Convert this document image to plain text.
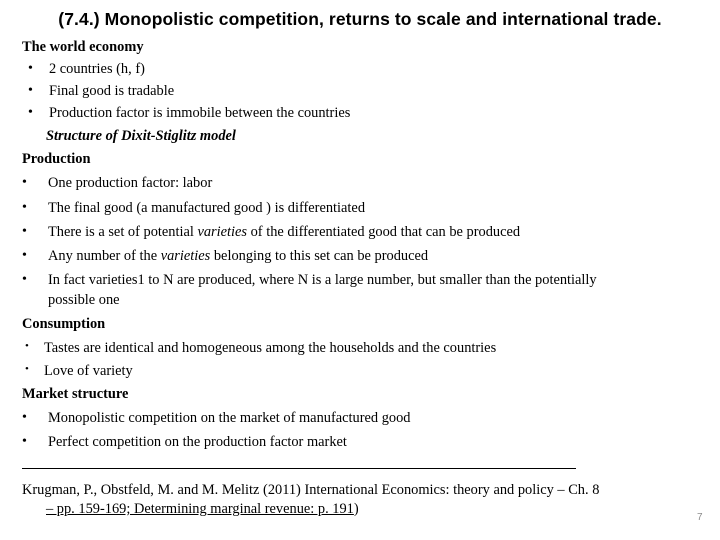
(7.4.) Monopolistic competition, returns to scale and international trade.
The world economy
• 2 countries (h, f)
• Final good is tradable
• Production factor is immobile between the countries
Structure of Dixit-Stiglitz model
Production
• One production factor: labor
• The final good (a manufactured good ) is differentiated
• There is a set of potential varieties of the differentiated good that can be produced
• Any number of the varieties belonging to this set can be produced
• In fact varieties1 to N are produced, where N is a large number, but smaller than the potentially
possible one
Consumption
• Tastes are identical and homogeneous among the households and the countries
• Love of variety
Market structure
• Monopolistic competition on the market of manufactured good
• Perfect competition on the production factor market
Krugman, P., Obstfeld, M. and M. Melitz (2011) International Economics: theory and policy – Ch. 8
– pp. 159-169; Determining marginal revenue: p. 191)
7
